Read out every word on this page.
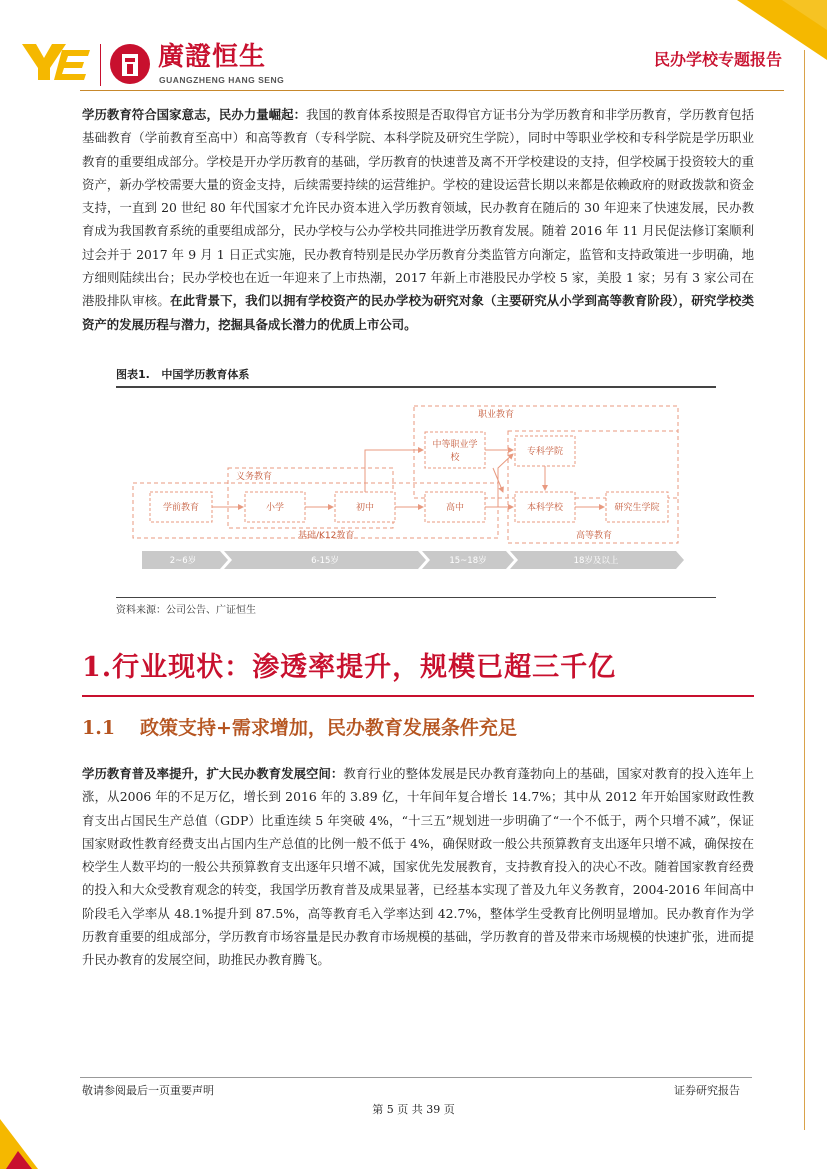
廣證恒生
GUANGZHENG HANG SENG
民办学校专题报告
学历教育符合国家意志，民办力量崛起：我国的教育体系按照是否取得官方证书分为学历教育和非学历教育，学历教育包括基础教育（学前教育至高中）和高等教育（专科学院、本科学院及研究生学院），同时中等职业学校和专科学院是学历职业教育的重要组成部分。学校是开办学历教育的基础，学历教育的快速普及离不开学校建设的支持，但学校属于投资较大的重资产，新办学校需要大量的资金支持，后续需要持续的运营维护。学校的建设运营长期以来都是依赖政府的财政拨款和资金支持，一直到 20 世纪 80 年代国家才允许民办资本进入学历教育领域，民办教育在随后的 30 年迎来了快速发展，民办教育成为我国教育系统的重要组成部分，民办学校与公办学校共同推进学历教育发展。随着 2016 年 11 月民促法修订案顺利过会并于 2017 年 9 月 1 日正式实施，民办教育特别是民办学历教育分类监管方向渐定，监管和支持政策进一步明确，地方细则陆续出台；民办学校也在近一年迎来了上市热潮，2017 年新上市港股民办学校 5 家，美股 1 家；另有 3 家公司在港股排队审核。在此背景下，我们以拥有学校资产的民办学校为研究对象（主要研究从小学到高等教育阶段），研究学校类资产的发展历程与潜力，挖掘具备成长潜力的优质上市公司。
图表1.   中国学历教育体系
职业教育
义务教育
基础/K12教育	高等教育
学前教育	小学	初中	高中
中等职业学
校
专科学院
本科学校	研究生学院
2~6岁	6-15岁	15~18岁	18岁及以上
资料来源：公司公告、广证恒生
1.行业现状：渗透率提升，规模已超三千亿
1.1 政策支持+需求增加，民办教育发展条件充足
学历教育普及率提升，扩大民办教育发展空间：教育行业的整体发展是民办教育蓬勃向上的基础，国家对教育的投入连年上涨，从2006 年的不足万亿，增长到 2016 年的 3.89 亿，十年间年复合增长 14.7%；其中从 2012 年开始国家财政性教育支出占国民生产总值（GDP）比重连续 5 年突破 4%，“十三五”规划进一步明确了“一个不低于，两个只增不减”，保证国家财政性教育经费支出占国内生产总值的比例一般不低于 4%，确保财政一般公共预算教育支出逐年只增不减，确保按在校学生人数平均的一般公共预算教育支出逐年只增不减，国家优先发展教育，支持教育投入的决心不改。随着国家教育经费的投入和大众受教育观念的转变，我国学历教育普及成果显著，已经基本实现了普及九年义务教育，2004-2016 年间高中阶段毛入学率从 48.1%提升到 87.5%，高等教育毛入学率达到 42.7%，整体学生受教育比例明显增加。民办教育作为学历教育重要的组成部分，学历教育市场容量是民办教育市场规模的基础，学历教育的普及带来市场规模的快速扩张，进而提升民办教育的发展空间，助推民办教育腾飞。
敬请参阅最后一页重要声明	证券研究报告
第 5 页 共 39 页
